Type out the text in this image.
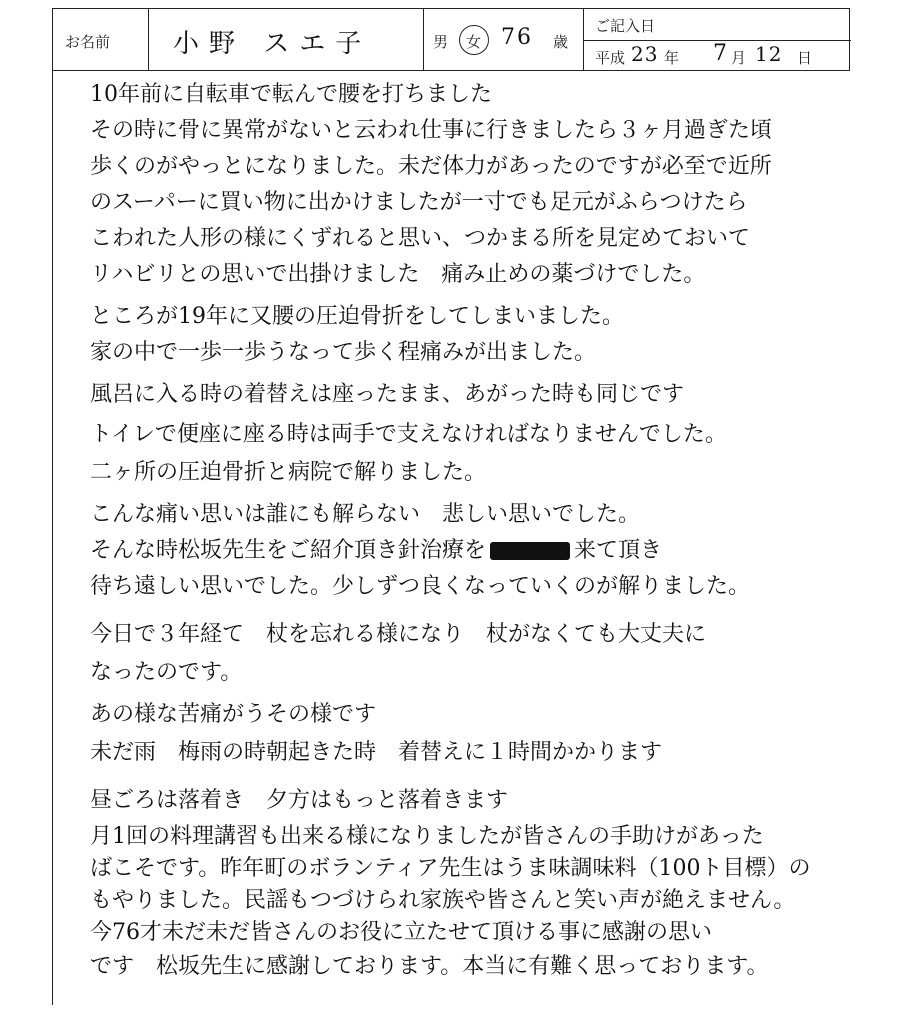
お名前 小野 スエ子	男 女 76 歳
ご記入日
平成 23 年 7 月 12 日
10年前に自転車で転んで腰を打ちました
その時に骨に異常がないと云われ仕事に行きましたら３ヶ月過ぎた頃
歩くのがやっとになりました。未だ体力があったのですが必至で近所
のスーパーに買い物に出かけましたが一寸でも足元がふらつけたら
こわれた人形の様にくずれると思い、つかまる所を見定めておいて
リハビリとの思いで出掛けました　痛み止めの薬づけでした。
ところが19年に又腰の圧迫骨折をしてしまいました。
家の中で一歩一歩うなって歩く程痛みが出ました。
風呂に入る時の着替えは座ったまま、あがった時も同じです
トイレで便座に座る時は両手で支えなければなりませんでした。
二ヶ所の圧迫骨折と病院で解りました。
こんな痛い思いは誰にも解らない　悲しい思いでした。
そんな時松坂先生をご紹介頂き針治療を	来て頂き
待ち遠しい思いでした。少しずつ良くなっていくのが解りました。
今日で３年経て　杖を忘れる様になり　杖がなくても大丈夫に
なったのです。
あの様な苦痛がうその様です
未だ雨　梅雨の時朝起きた時　着替えに１時間かかります
昼ごろは落着き　夕方はもっと落着きます
月1回の料理講習も出来る様になりましたが皆さんの手助けがあった
ばこそです。昨年町のボランティア先生はうま味調味料（100ト目標）の
もやりました。民謡もつづけられ家族や皆さんと笑い声が絶えません。
今76才未だ未だ皆さんのお役に立たせて頂ける事に感謝の思い
です　松坂先生に感謝しております。本当に有難く思っております。
